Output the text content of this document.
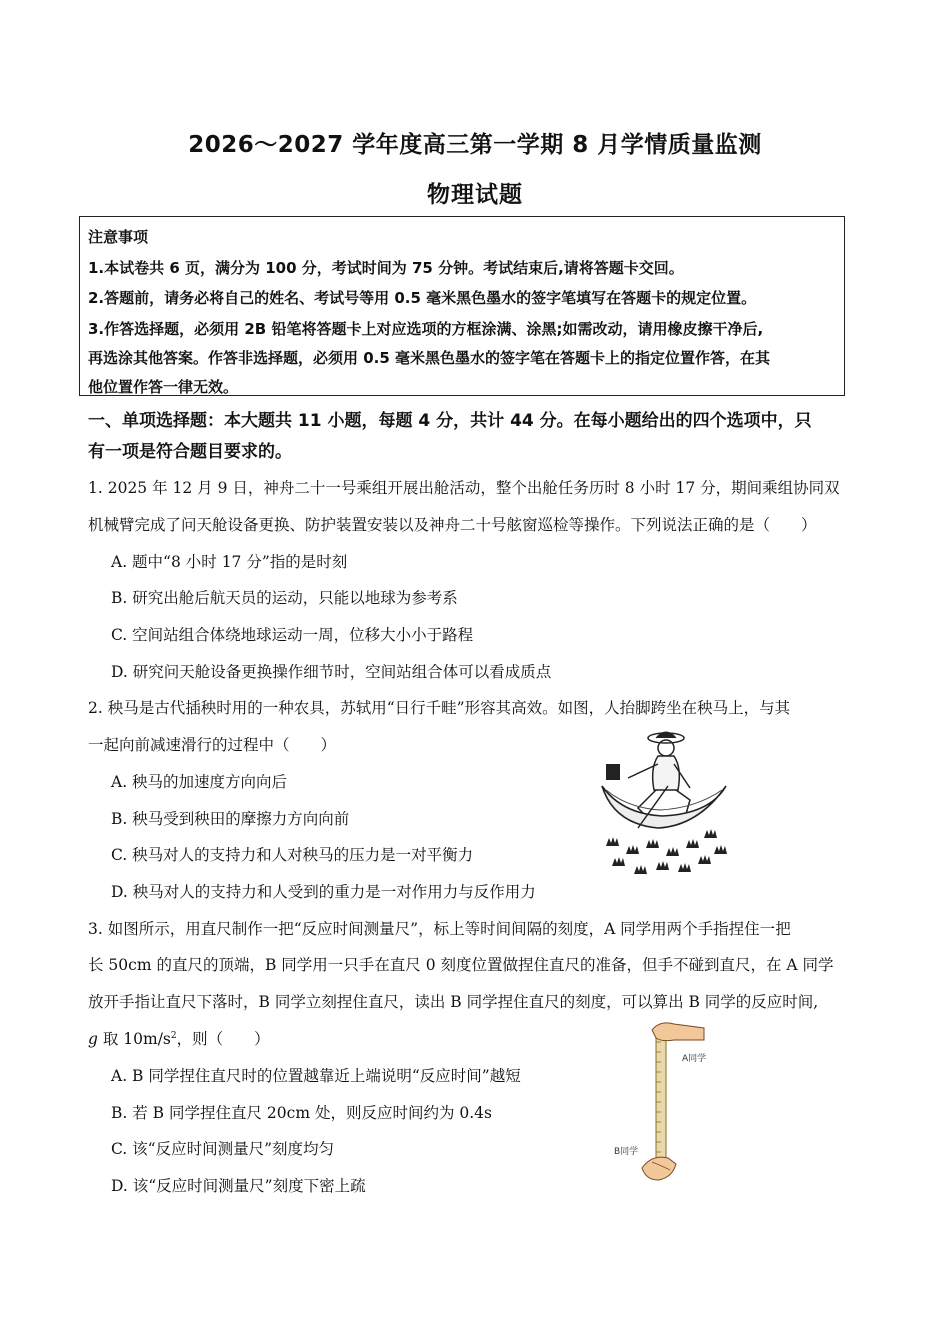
2026～2027 学年度高三第一学期 8 月学情质量监测
物理试题
注意事项
1.本试卷共 6 页，满分为 100 分，考试时间为 75 分钟。考试结束后,请将答题卡交回。
2.答题前，请务必将自己的姓名、考试号等用 0.5 毫米黑色墨水的签字笔填写在答题卡的规定位置。
3.作答选择题，必须用 2B 铅笔将答题卡上对应选项的方框涂满、涂黑;如需改动，请用橡皮擦干净后,
再选涂其他答案。作答非选择题，必须用 0.5 毫米黑色墨水的签字笔在答题卡上的指定位置作答，在其
他位置作答一律无效。
一、单项选择题：本大题共 11 小题，每题 4 分，共计 44 分。在每小题给出的四个选项中，只
有一项是符合题目要求的。
1. 2025 年 12 月 9 日，神舟二十一号乘组开展出舱活动，整个出舱任务历时 8 小时 17 分，期间乘组协同双
机械臂完成了问天舱设备更换、防护装置安装以及神舟二十号舷窗巡检等操作。下列说法正确的是（　　）
A. 题中“8 小时 17 分”指的是时刻
B. 研究出舱后航天员的运动，只能以地球为参考系
C. 空间站组合体绕地球运动一周，位移大小小于路程
D. 研究问天舱设备更换操作细节时，空间站组合体可以看成质点
2. 秧马是古代插秧时用的一种农具，苏轼用“日行千畦”形容其高效。如图，人抬脚跨坐在秧马上，与其
一起向前减速滑行的过程中（　　）
A. 秧马的加速度方向向后
B. 秧马受到秧田的摩擦力方向向前
C. 秧马对人的支持力和人对秧马的压力是一对平衡力
D. 秧马对人的支持力和人受到的重力是一对作用力与反作用力
3. 如图所示，用直尺制作一把“反应时间测量尺”，标上等时间间隔的刻度，A 同学用两个手指捏住一把
长 50cm 的直尺的顶端，B 同学用一只手在直尺 0 刻度位置做捏住直尺的准备，但手不碰到直尺，在 A 同学
放开手指让直尺下落时，B 同学立刻捏住直尺，读出 B 同学捏住直尺的刻度，可以算出 B 同学的反应时间,
g 取 $10m/s^2$，则（　　）
A. B 同学捏住直尺时的位置越靠近上端说明“反应时间”越短
B. 若 B 同学捏住直尺 20cm 处，则反应时间约为 0.4s
C. 该“反应时间测量尺”刻度均匀
D. 该“反应时间测量尺”刻度下密上疏
A同学
B同学
